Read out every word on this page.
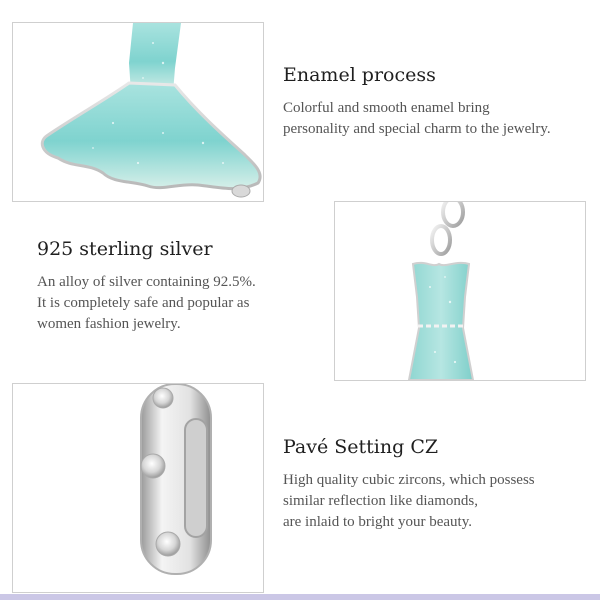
Enamel process
Colorful and smooth enamel bring
personality and special charm to the jewelry.
925 sterling silver
An alloy of silver containing 92.5%.
It is completely safe and popular as
women fashion jewelry.
Pavé Setting CZ
High quality cubic zircons, which possess
similar reflection like diamonds,
are inlaid to bright your beauty.
